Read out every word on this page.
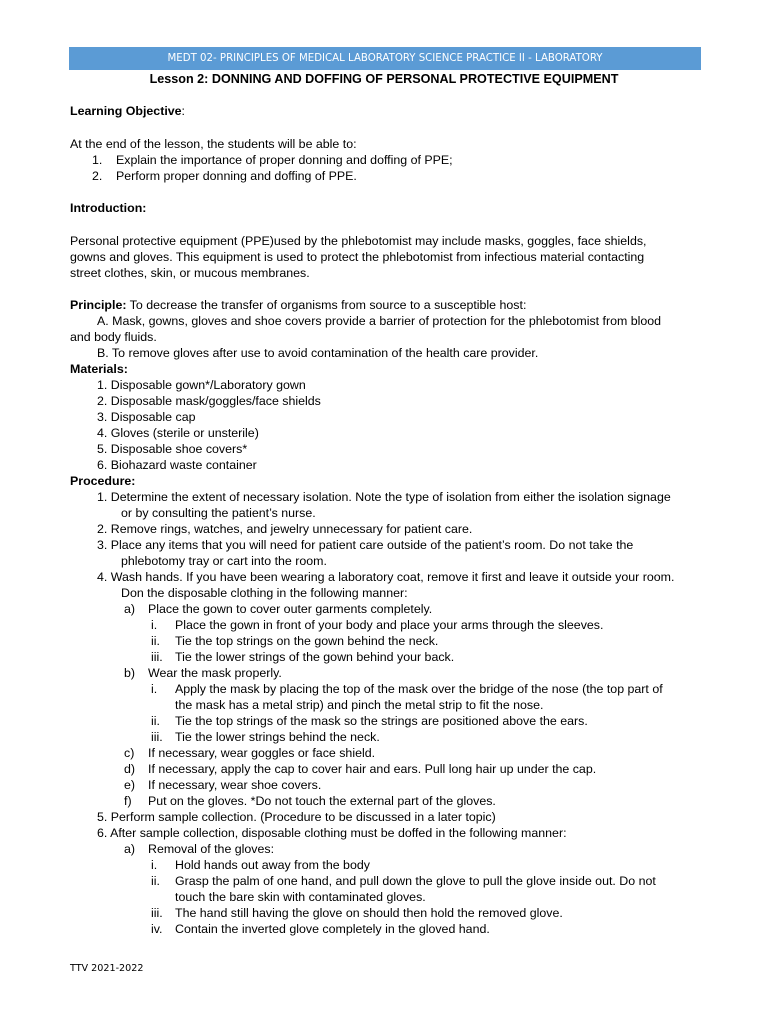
MEDT 02- PRINCIPLES OF MEDICAL LABORATORY SCIENCE PRACTICE II - LABORATORY
Lesson 2: DONNING AND DOFFING OF PERSONAL PROTECTIVE EQUIPMENT
Learning Objective:
At the end of the lesson, the students will be able to:
1. Explain the importance of proper donning and doffing of PPE;
2. Perform proper donning and doffing of PPE.
Introduction:
Personal protective equipment (PPE)used by the phlebotomist may include masks, goggles, face shields,
gowns and gloves. This equipment is used to protect the phlebotomist from infectious material contacting
street clothes, skin, or mucous membranes.
Principle: To decrease the transfer of organisms from source to a susceptible host:
A. Mask, gowns, gloves and shoe covers provide a barrier of protection for the phlebotomist from blood
and body fluids.
B. To remove gloves after use to avoid contamination of the health care provider.
Materials:
1. Disposable gown*/Laboratory gown
2. Disposable mask/goggles/face shields
3. Disposable cap
4. Gloves (sterile or unsterile)
5. Disposable shoe covers*
6. Biohazard waste container
Procedure:
1. Determine the extent of necessary isolation. Note the type of isolation from either the isolation signage
or by consulting the patient’s nurse.
2. Remove rings, watches, and jewelry unnecessary for patient care.
3. Place any items that you will need for patient care outside of the patient’s room. Do not take the
phlebotomy tray or cart into the room.
4. Wash hands. If you have been wearing a laboratory coat, remove it first and leave it outside your room.
Don the disposable clothing in the following manner:
a) Place the gown to cover outer garments completely.
i. Place the gown in front of your body and place your arms through the sleeves.
ii. Tie the top strings on the gown behind the neck.
iii. Tie the lower strings of the gown behind your back.
b) Wear the mask properly.
i. Apply the mask by placing the top of the mask over the bridge of the nose (the top part of
the mask has a metal strip) and pinch the metal strip to fit the nose.
ii. Tie the top strings of the mask so the strings are positioned above the ears.
iii. Tie the lower strings behind the neck.
c) If necessary, wear goggles or face shield.
d) If necessary, apply the cap to cover hair and ears. Pull long hair up under the cap.
e) If necessary, wear shoe covers.
f) Put on the gloves. *Do not touch the external part of the gloves.
5. Perform sample collection. (Procedure to be discussed in a later topic)
6. After sample collection, disposable clothing must be doffed in the following manner:
a) Removal of the gloves:
i. Hold hands out away from the body
ii. Grasp the palm of one hand, and pull down the glove to pull the glove inside out. Do not
touch the bare skin with contaminated gloves.
iii. The hand still having the glove on should then hold the removed glove.
iv. Contain the inverted glove completely in the gloved hand.
TTV 2021-2022
